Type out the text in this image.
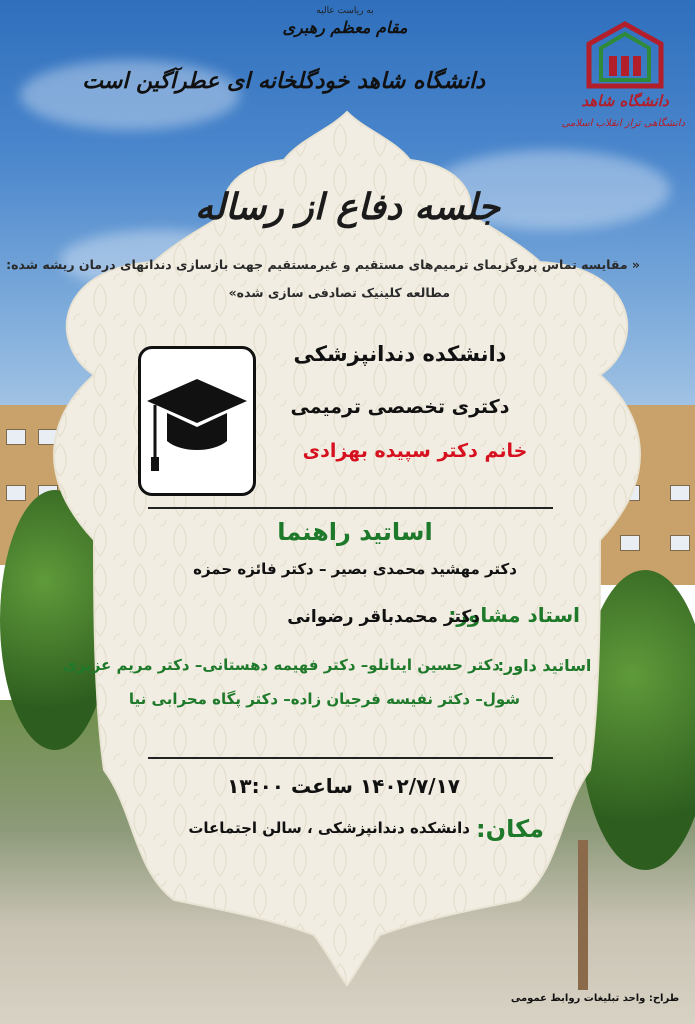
به ریاست عالیه
مقام معظم رهبری
دانشگاه شاهد خودگلخانه ای عطرآگین است
دانشگاه شاهد
دانشگاهی تراز انقلاب اسلامی
جلسه دفاع از رساله
« مقایسه تماس پروگزیمای ترمیم‌های مستقیم و غیرمستقیم جهت بازسازی دندانهای درمان ریشه شده:
مطالعه کلینیک تصادفی سازی شده»
دانشکده دندانپزشکی
دکتری تخصصی ترمیمی
خانم دکتر سپیده بهزادی
اساتید راهنما
دکتر مهشید محمدی بصیر – دکتر فائزه حمزه
استاد مشاور:
دکتر محمدباقر رضوانی
اساتید داور:
دکتر حسین اینانلو– دکتر فهیمه دهستانی– دکتر مریم عزیزی
شول– دکتر نفیسه فرجیان زاده– دکتر پگاه محرابی نیا
۱۴۰۲/۷/۱۷ ساعت ۱۳:۰۰
مکان:
دانشکده دندانپزشکی ، سالن اجتماعات
طراح: واحد تبلیغات روابط عمومی
